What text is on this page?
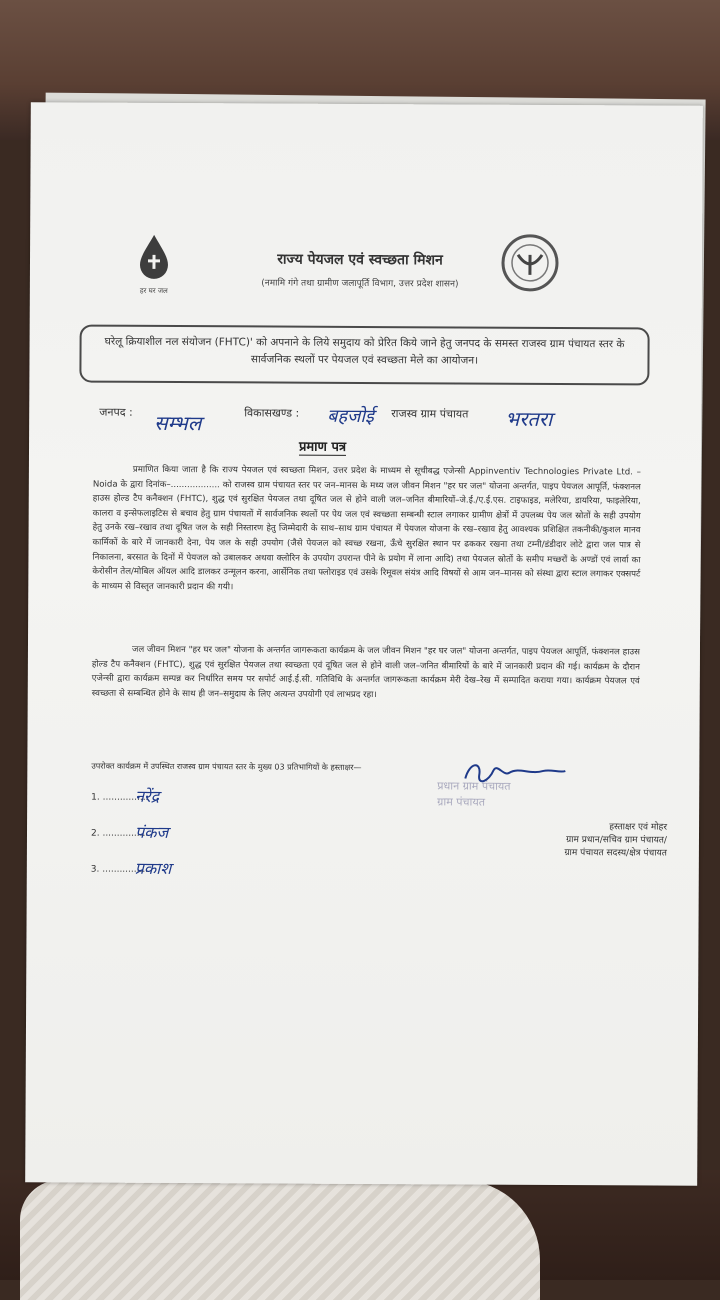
हर घर जल
राज्य पेयजल एवं स्वच्छता मिशन
(नमामि गंगे तथा ग्रामीण जलापूर्ति विभाग, उत्तर प्रदेश शासन)
घरेलू क्रियाशील नल संयोजन (FHTC)' को अपनाने के लिये समुदाय को प्रेरित किये जाने हेतु जनपद के समस्त राजस्व ग्राम पंचायत स्तर के सार्वजनिक स्थलों पर पेयजल एवं स्वच्छता मेले का आयोजन।
जनपद : सम्भल	विकासखण्ड : बहजोई राजस्व ग्राम पंचायत भरतरा
प्रमाण पत्र
प्रमाणित किया जाता है कि राज्य पेयजल एवं स्वच्छता मिशन, उत्तर प्रदेश के माध्यम से सूचीबद्ध एजेन्सी Appinventiv Technologies Private Ltd. – Noida के द्वारा दिनांक–.................. को राजस्व ग्राम पंचायत स्तर पर जन–मानस के मध्य जल जीवन मिशन "हर घर जल" योजना अन्तर्गत, पाइप पेयजल आपूर्ति, फंक्शनल हाउस होल्ड टैप कनैक्शन (FHTC), शुद्ध एवं सुरक्षित पेयजल तथा दूषित जल से होने वाली जल–जनित बीमारियों–जे.ई./ए.ई.एस. टाइफाइड, मलेरिया, डायरिया, फाइलेरिया, कालरा व इन्सेफलाइटिस से बचाव हेतु ग्राम पंचायतों में सार्वजनिक स्थलों पर पेय जल एवं स्वच्छता सम्बन्धी स्टाल लगाकर ग्रामीण क्षेत्रों में उपलब्ध पेय जल स्रोतों के सही उपयोग हेतु उनके रख–रखाव तथा दूषित जल के सही निस्तारण हेतु जिम्मेदारी के साथ–साथ ग्राम पंचायत में पेयजल योजना के रख–रखाव हेतु आवश्यक प्रशिक्षित तकनीकी/कुशल मानव कार्मिकों के बारे में जानकारी देना, पेय जल के सही उपयोग (जैसे पेयजल को स्वच्छ रखना, ऊँचे सुरक्षित स्थान पर ढककर रखना तथा टम्नी/डंडीदार लोटे द्वारा जल पात्र से निकालना, बरसात के दिनों में पेयजल को उबालकर अथवा क्लोरिन के उपयोग उपरान्त पीने के प्रयोग में लाना आदि) तथा पेयजल स्रोतों के समीप मच्छरों के अण्डों एवं लार्वा का केरोसीन तेल/मोबिल ऑयल आदि डालकर उन्मूलन करना, आर्सेनिक तथा फ्लोराइड एवं उसके रिमूवल संयंत्र आदि विषयों से आम जन–मानस को संस्था द्वारा स्टाल लगाकर एक्सपर्ट के माध्यम से विस्तृत जानकारी प्रदान की गयी।
जल जीवन मिशन "हर घर जल" योजना के अन्तर्गत जागरूकता कार्यक्रम के जल जीवन मिशन "हर घर जल" योजना अन्तर्गत, पाइप पेयजल आपूर्ति, फंक्शनल हाउस होल्ड टैप कनैक्शन (FHTC), शुद्ध एवं सुरक्षित पेयजल तथा स्वच्छता एवं दूषित जल से होने वाली जल–जनित बीमारियों के बारे में जानकारी प्रदान की गई। कार्यक्रम के दौरान एजेन्सी द्वारा कार्यक्रम सम्पन्न कर निर्धारित समय पर सपोर्ट आई.ई.सी. गतिविधि के अन्तर्गत जागरूकता कार्यक्रम मेरी देख–रेख में सम्पादित कराया गया। कार्यक्रम पेयजल एवं स्वच्छता से सम्बन्धित होने के साथ ही जन–समुदाय के लिए अत्यन्त उपयोगी एवं लाभप्रद रहा।
उपरोक्त कार्यक्रम में उपस्थित राजस्व ग्राम पंचायत स्तर के मुख्य 03 प्रतिभागियों के हस्ताक्षर—
1. ................
नरेंद्र
2. ................
पंकज
3. ................
प्रकाश
प्रधान ग्राम पंचायत
ग्राम पंचायत
हस्ताक्षर एवं मोहर
ग्राम प्रधान/सचिव ग्राम पंचायत/
ग्राम पंचायत सदस्य/क्षेत्र पंचायत
